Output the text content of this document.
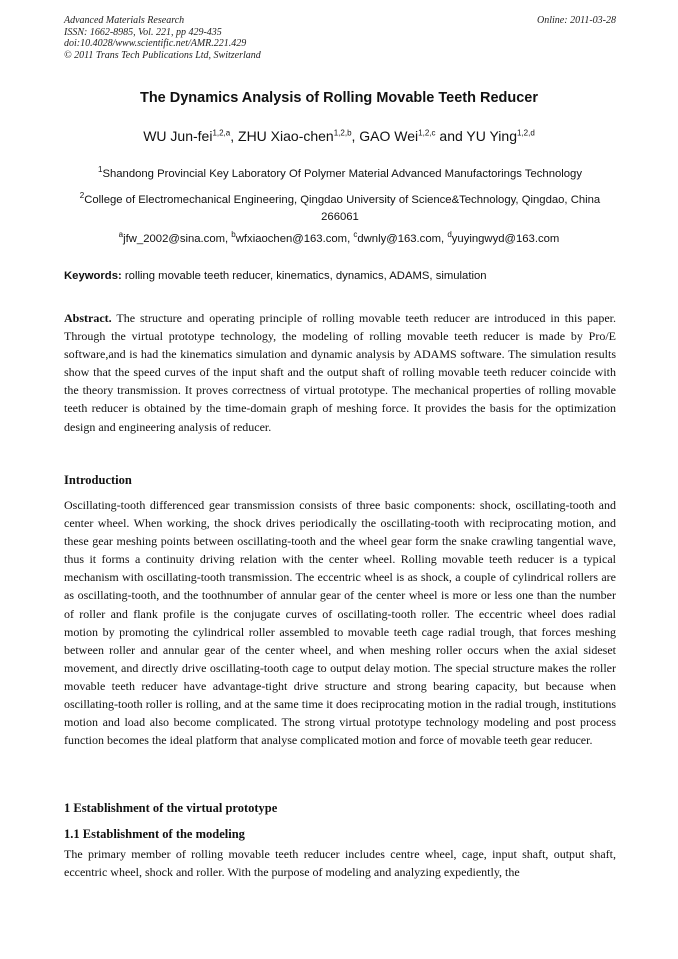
Advanced Materials Research
ISSN: 1662-8985, Vol. 221, pp 429-435
doi:10.4028/www.scientific.net/AMR.221.429
© 2011 Trans Tech Publications Ltd, Switzerland
Online: 2011-03-28
The Dynamics Analysis of Rolling Movable Teeth Reducer
WU Jun-fei$^{1,2,a}$, ZHU Xiao-chen$^{1,2,b}$, GAO Wei$^{1,2,c}$ and YU Ying$^{1,2,d}$
$^1$Shandong Provincial Key Laboratory Of Polymer Material Advanced Manufactorings Technology
$^2$College of Electromechanical Engineering, Qingdao University of Science&Technology, Qingdao, China 266061
$^a$jfw_2002@sina.com, $^b$wfxiaochen@163.com, $^c$dwnly@163.com, $^d$yuyingwyd@163.com
Keywords: rolling movable teeth reducer, kinematics, dynamics, ADAMS, simulation
Abstract. The structure and operating principle of rolling movable teeth reducer are introduced in this paper. Through the virtual prototype technology, the modeling of rolling movable teeth reducer is made by Pro/E software,and is had the kinematics simulation and dynamic analysis by ADAMS software. The simulation results show that the speed curves of the input shaft and the output shaft of rolling movable teeth reducer coincide with the theory transmission. It proves correctness of virtual prototype. The mechanical properties of rolling movable teeth reducer is obtained by the time-domain graph of meshing force. It provides the basis for the optimization design and engineering analysis of reducer.
Introduction
Oscillating-tooth differenced gear transmission consists of three basic components: shock, oscillating-tooth and center wheel. When working, the shock drives periodically the oscillating-tooth with reciprocating motion, and these gear meshing points between oscillating-tooth and the wheel gear form the snake crawling tangential wave, thus it forms a continuity driving relation with the center wheel. Rolling movable teeth reducer is a typical mechanism with oscillating-tooth transmission. The eccentric wheel is as shock, a couple of cylindrical rollers are as oscillating-tooth, and the toothnumber of annular gear of the center wheel is more or less one than the number of roller and flank profile is the conjugate curves of oscillating-tooth roller. The eccentric wheel does radial motion by promoting the cylindrical roller assembled to movable teeth cage radial trough, that forces meshing between roller and annular gear of the center wheel, and when meshing roller occurs when the axial sideset movement, and directly drive oscillating-tooth cage to output delay motion. The special structure makes the roller movable teeth reducer have advantage-tight drive structure and strong bearing capacity, but because when oscillating-tooth roller is rolling, and at the same time it does reciprocating motion in the radial trough, institutions motion and load also become complicated. The strong virtual prototype technology modeling and post process function becomes the ideal platform that analyse complicated motion and force of movable teeth gear reducer.
1 Establishment of the virtual prototype
1.1 Establishment of the modeling
The primary member of rolling movable teeth reducer includes centre wheel, cage, input shaft, output shaft, eccentric wheel, shock and roller. With the purpose of modeling and analyzing expediently, the
